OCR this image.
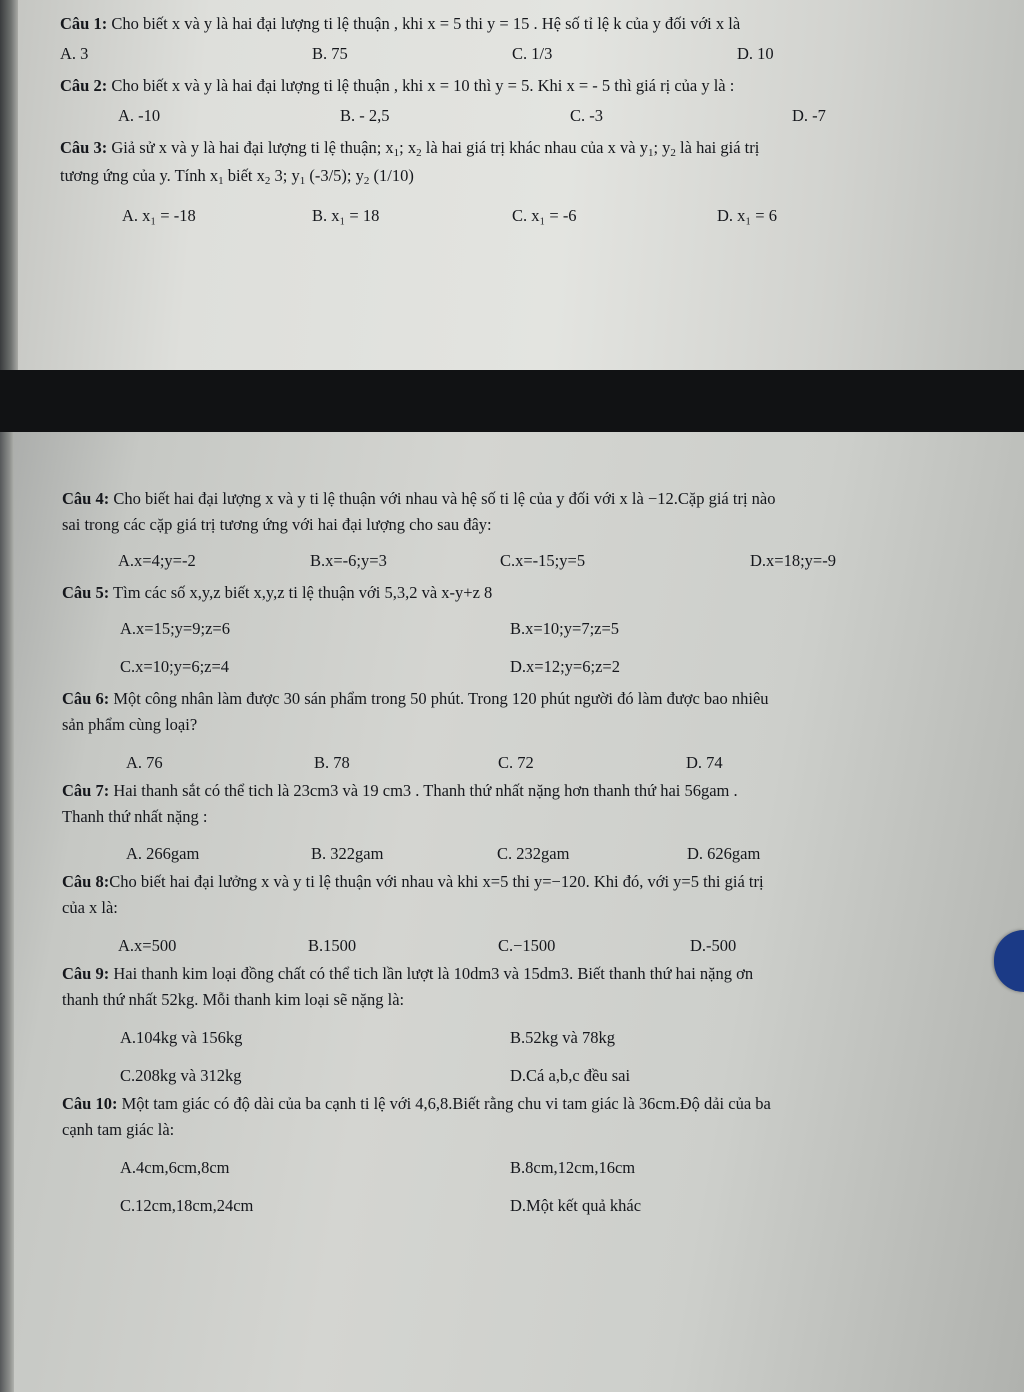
Câu 1: Cho biết x và y là hai đại lượng ti lệ thuận , khi x = 5 thi y = 15 . Hệ số tỉ lệ k của y đối với x là

A. 3	B. 75	C. 1/3	D. 10

Câu 2: Cho biết x và y là hai đại lượng ti lệ thuận , khi x = 10 thì y = 5. Khi x = - 5 thì giá rị của y là :

A. -10	B. - 2,5	C. -3	D. -7

Câu 3: Giả sử x và y là hai đại lượng ti lệ thuận; $x_1$; $x_2$ là hai giá trị khác nhau của x và $y_1$; $y_2$ là hai giá trị

tương ứng của y. Tính $x_1$ biết $x_2$ 3; $y_1$ (-3/5); $y_2$ (1/10)

A. x₁ = -18	B. x₁ = 18	C. x₁ = -6	D. x₁ = 6

Câu 4: Cho biết hai đại lượng x và y ti lệ thuận với nhau và hệ số ti lệ của y đối với x là −12.Cặp giá trị nào

sai trong các cặp giá trị tương ứng với hai đại lượng cho sau đây:

A.x=4;y=-2	B.x=-6;y=3	C.x=-15;y=5	D.x=18;y=-9

Câu 5: Tìm các số x,y,z biết x,y,z ti lệ thuận với 5,3,2 và x-y+z 8

A.x=15;y=9;z=6	B.x=10;y=7;z=5
C.x=10;y=6;z=4	D.x=12;y=6;z=2

Câu 6: Một công nhân làm được 30 sán phẩm trong 50 phút. Trong 120 phút người đó làm được bao nhiêu

sản phẩm cùng loại?

A. 76	B. 78	C. 72	D. 74

Câu 7: Hai thanh sắt có thể tich là 23cm3 và 19 cm3 . Thanh thứ nhất nặng hơn thanh thứ hai 56gam .

Thanh thứ nhất nặng :

A. 266gam	B. 322gam	C. 232gam	D. 626gam

Câu 8:Cho biết hai đại lưởng x và y ti lệ thuận với nhau và khi x=5 thi y=−120. Khi đó, với y=5 thi giá trị

của x là:

A.x=500	B.1500	C.−1500	D.-500

Câu 9: Hai thanh kim loại đồng chất có thể tich lần lượt là 10dm3 và 15dm3. Biết thanh thứ hai nặng ơn

thanh thứ nhất 52kg. Mỗi thanh kim loại sẽ nặng là:

A.104kg và 156kg	B.52kg và 78kg
C.208kg và 312kg	D.Cá a,b,c đều sai

Câu 10: Một tam giác có độ dài của ba cạnh ti lệ với 4,6,8.Biết rằng chu vi tam giác là 36cm.Độ dải của ba

cạnh tam giác là:

A.4cm,6cm,8cm	B.8cm,12cm,16cm
C.12cm,18cm,24cm	D.Một kết quả khác
